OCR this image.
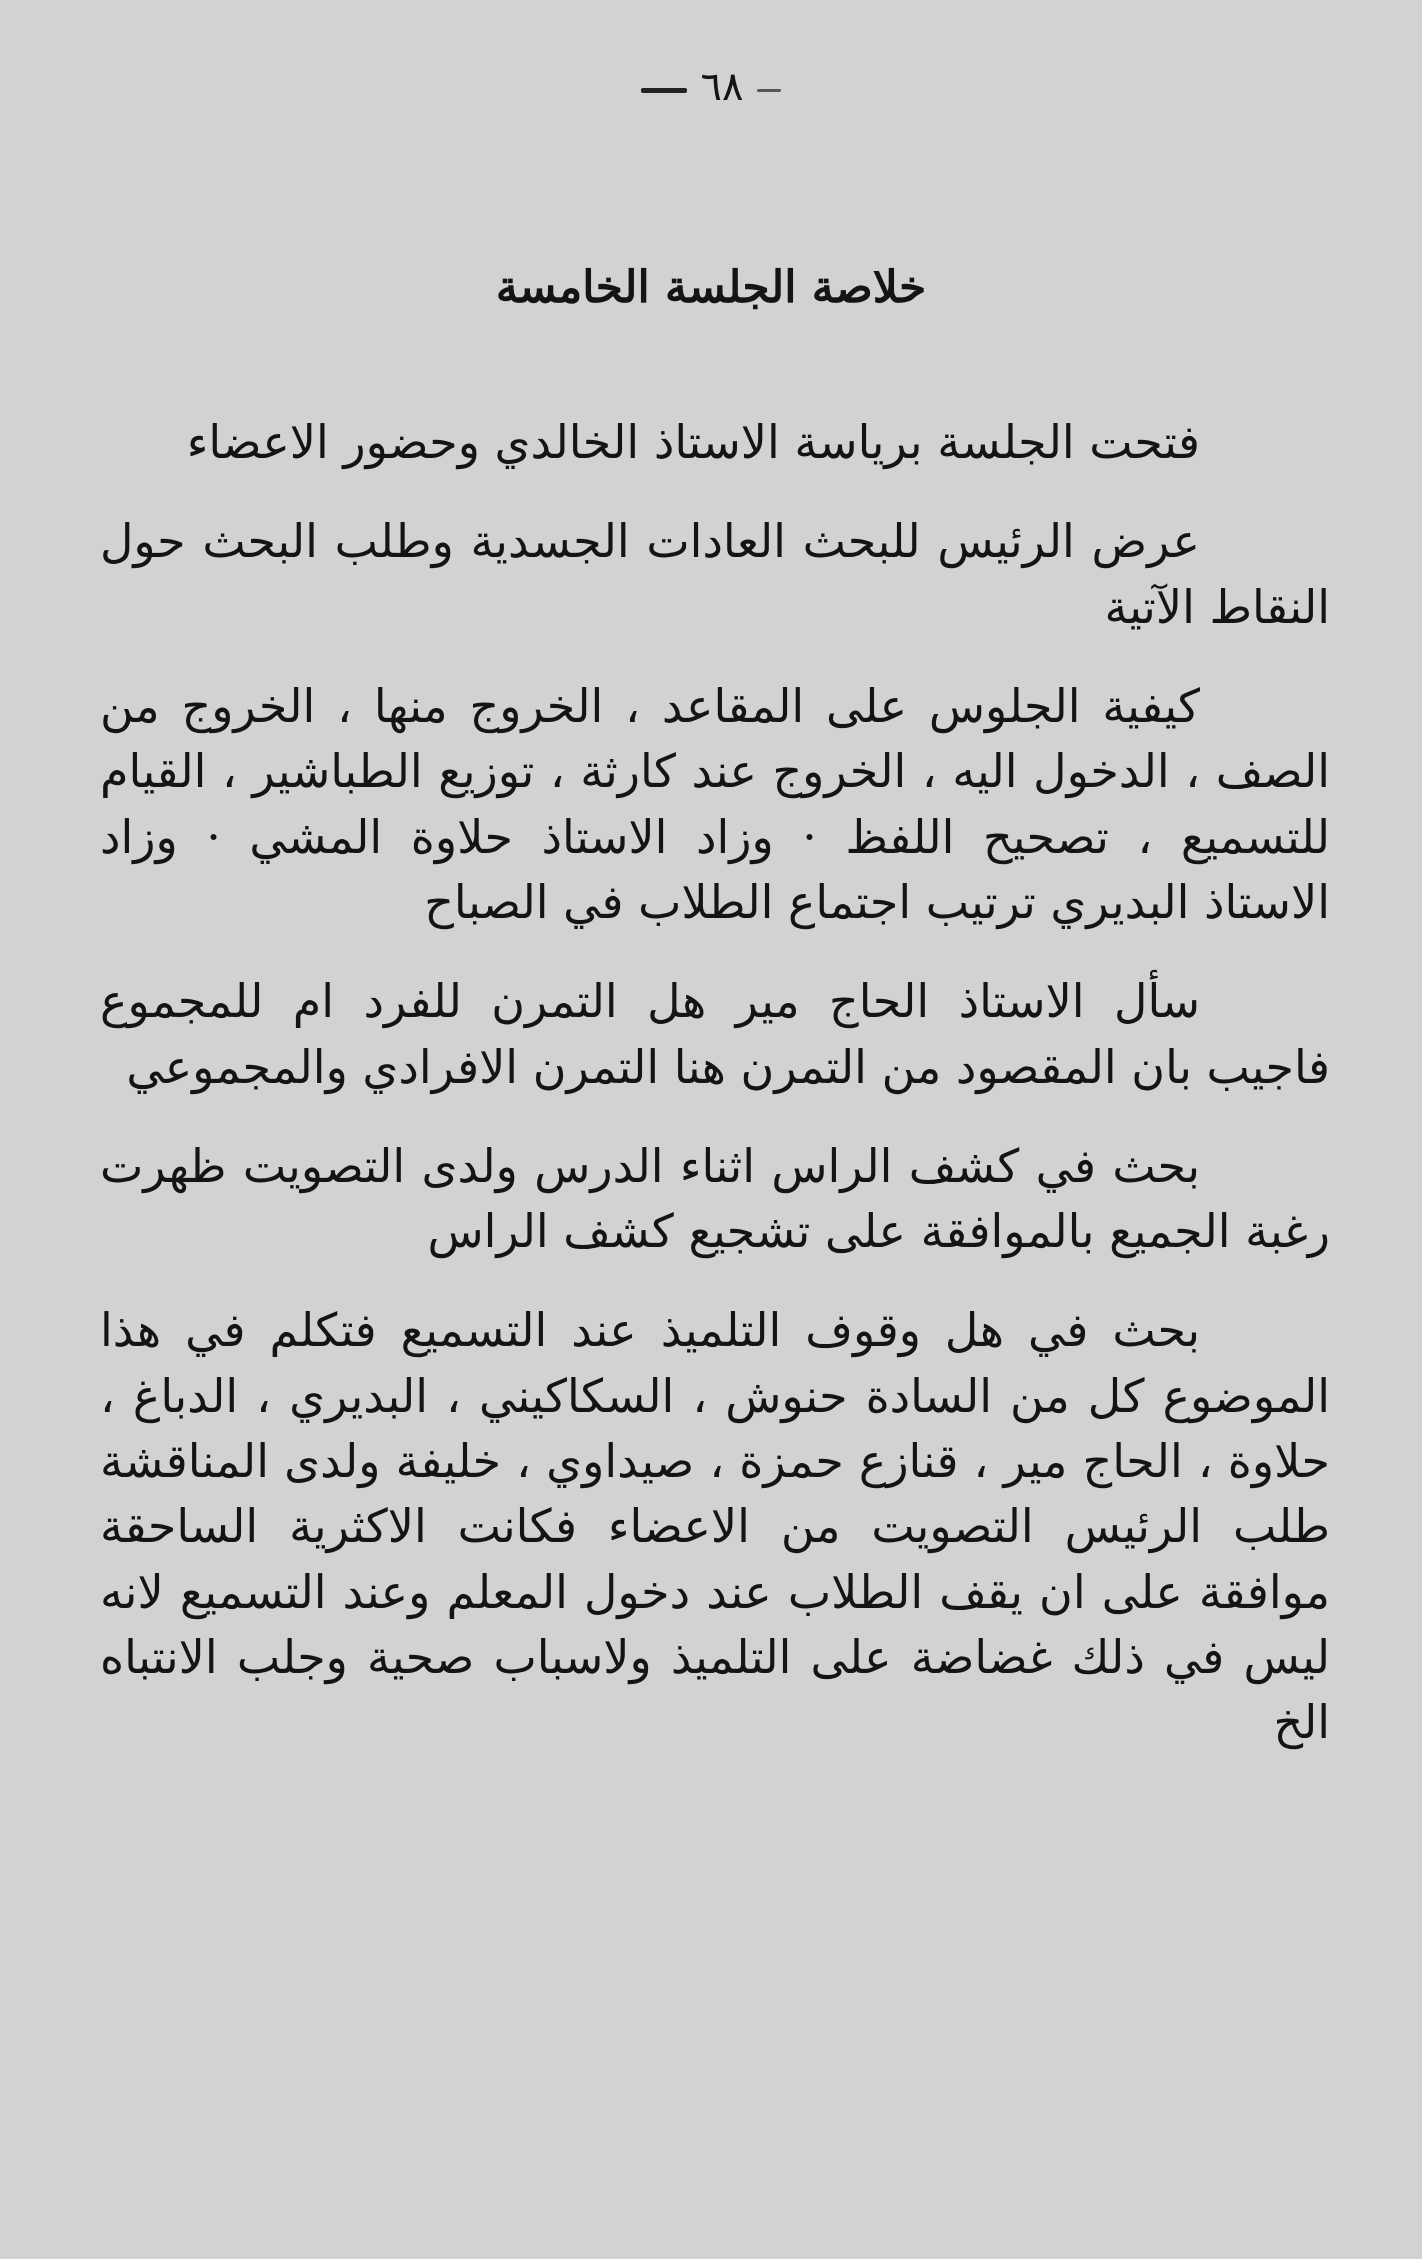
٦٨
خلاصة الجلسة الخامسة

فتحت الجلسة برياسة الاستاذ الخالدي وحضور الاعضاء

عرض الرئيس للبحث العادات الجسدية وطلب البحث حول النقاط الآتية

كيفية الجلوس على المقاعد ، الخروج منها ، الخروج من الصف ، الدخول اليه ، الخروج عند كارثة ، توزيع الطباشير ، القيام للتسميع ، تصحيح اللفظ · وزاد الاستاذ حلاوة المشي · وزاد الاستاذ البديري ترتيب اجتماع الطلاب في الصباح

سأل الاستاذ الحاج مير هل التمرن للفرد ام للمجموع فاجيب بان المقصود من التمرن هنا التمرن الافرادي والمجموعي

بحث في كشف الراس اثناء الدرس ولدى التصويت ظهرت رغبة الجميع بالموافقة على تشجيع كشف الراس

بحث في هل وقوف التلميذ عند التسميع فتكلم في هذا الموضوع كل من السادة حنوش ، السكاكيني ، البديري ، الدباغ ، حلاوة ، الحاج مير ، قنازع حمزة ، صيداوي ، خليفة ولدى المناقشة طلب الرئيس التصويت من الاعضاء فكانت الاكثرية الساحقة موافقة على ان يقف الطلاب عند دخول المعلم وعند التسميع لانه ليس في ذلك غضاضة على التلميذ ولاسباب صحية وجلب الانتباه الخ
